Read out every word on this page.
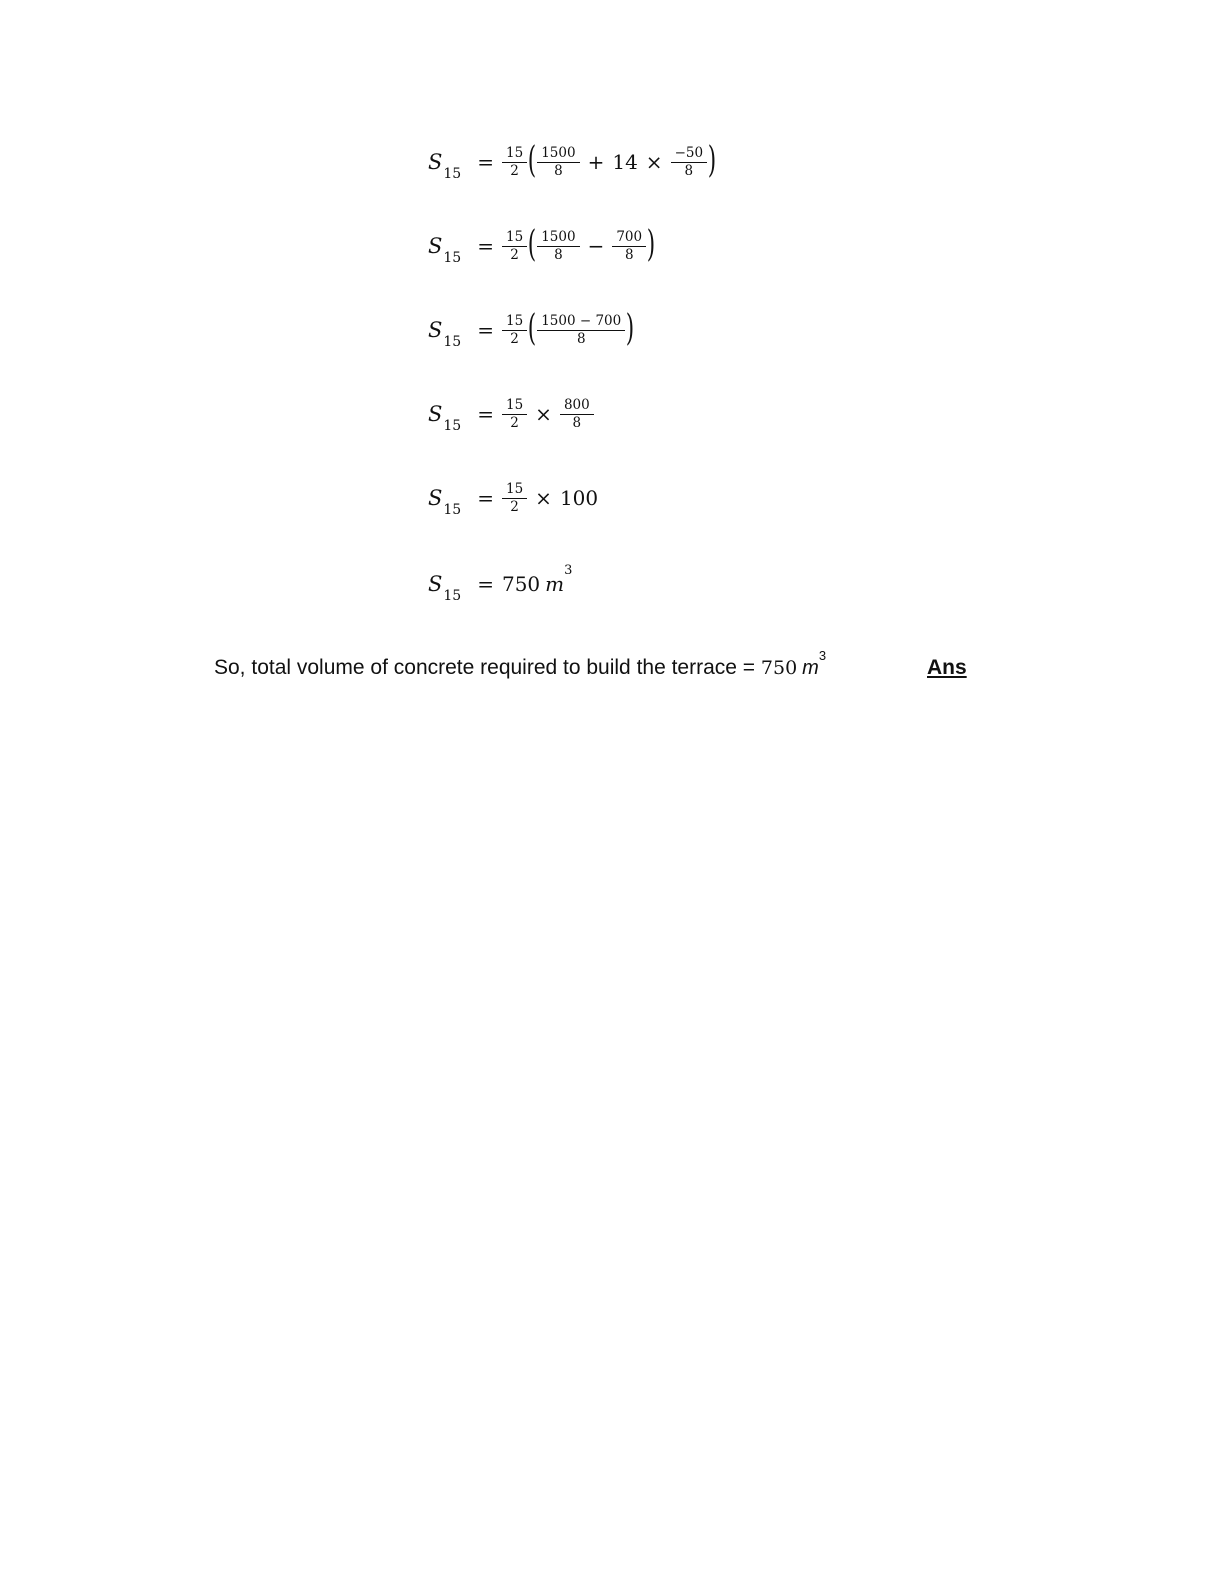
S $15 = \frac{15}{2}$ ( $\frac{1500}{8} + 14 \times \frac{-50}{8}$ )
S $15 = \frac{15}{2}$ ( $\frac{1500}{8} - \frac{700}{8}$ )
S $15 = \frac{15}{2}$ ( $\frac{1500 - 700}{8}$ )
S $15 = \frac{15}{2} \times \frac{800}{8}$
S $15 = \frac{15}{2} \times 100$
S 15 = 750 m
3
So, total volume of concrete required to build the terrace = 750 $m^3$
Ans
